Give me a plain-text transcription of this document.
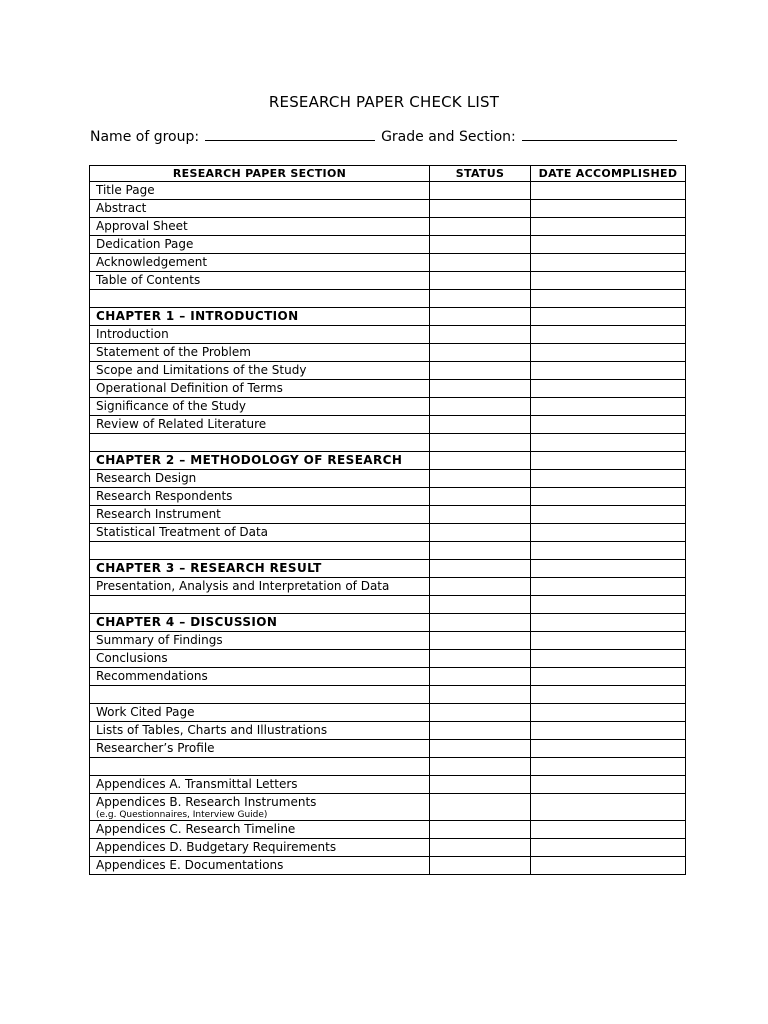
RESEARCH PAPER CHECK LIST
Name of group:	Grade and Section:
RESEARCH PAPER SECTION	STATUS	DATE ACCOMPLISHED
Title Page		
Abstract		
Approval Sheet		
Dedication Page		
Acknowledgement		
Table of Contents		

CHAPTER 1 – INTRODUCTION		
Introduction		
Statement of the Problem		
Scope and Limitations of the Study		
Operational Definition of Terms		
Significance of the Study		
Review of Related Literature		

CHAPTER 2 – METHODOLOGY OF RESEARCH		
Research Design		
Research Respondents		
Research Instrument		
Statistical Treatment of Data		

CHAPTER 3 – RESEARCH RESULT		
Presentation, Analysis and Interpretation of Data		

CHAPTER 4 – DISCUSSION		
Summary of Findings		
Conclusions		
Recommendations		

Work Cited Page		
Lists of Tables, Charts and Illustrations		
Researcher’s Profile		

Appendices A. Transmittal Letters		
Appendices B. Research Instruments
(e.g. Questionnaires, Interview Guide)		

Appendices C. Research Timeline		
Appendices D. Budgetary Requirements		
Appendices E. Documentations		
